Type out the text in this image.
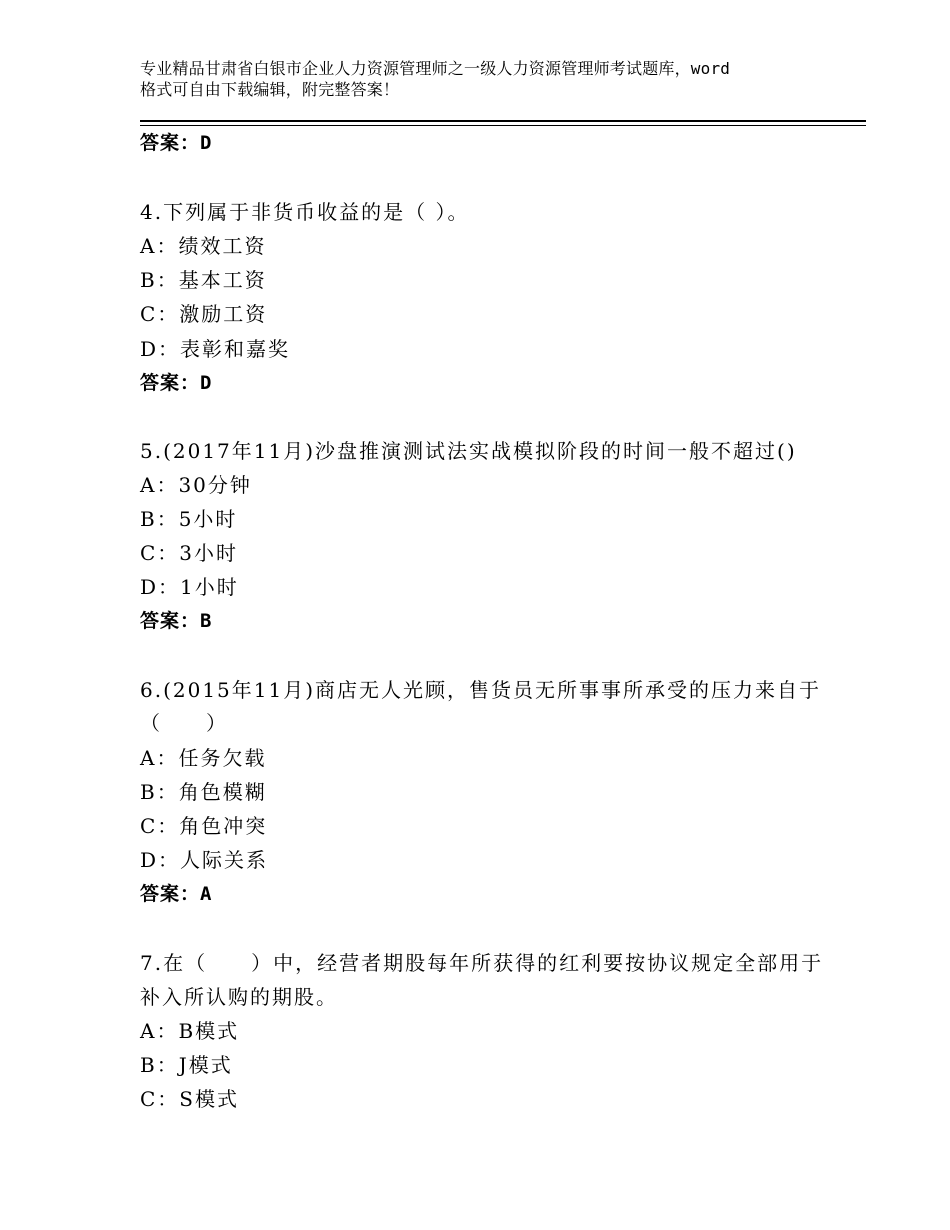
专业精品甘肃省白银市企业人力资源管理师之一级人力资源管理师考试题库，word
格式可自由下载编辑，附完整答案！
答案：D
4.下列属于非货币收益的是（ ）。
A：绩效工资
B：基本工资
C：激励工资
D：表彰和嘉奖
答案：D
5.(2017年11月)沙盘推演测试法实战模拟阶段的时间一般不超过()
A：30分钟
B：5小时
C：3小时
D：1小时
答案：B
6.(2015年11月)商店无人光顾，售货员无所事事所承受的压力来自于
（　　）
A：任务欠载
B：角色模糊
C：角色冲突
D：人际关系
答案：A
7.在（　　）中，经营者期股每年所获得的红利要按协议规定全部用于
补入所认购的期股。
A：B模式
B：J模式
C：S模式
